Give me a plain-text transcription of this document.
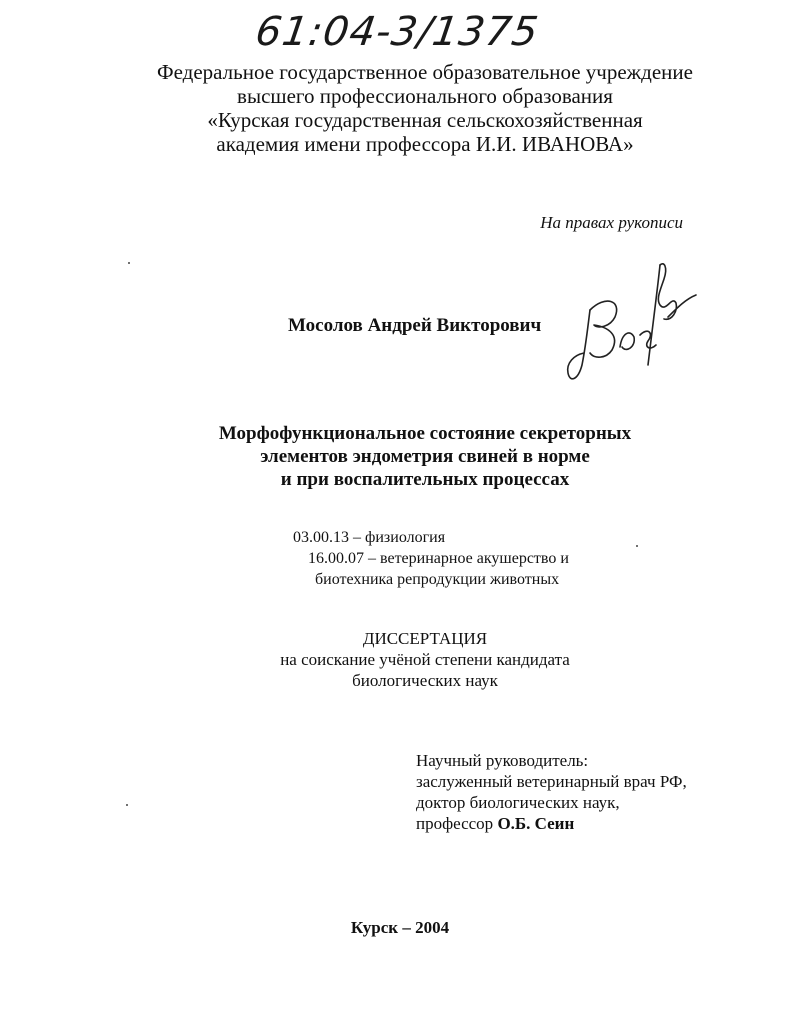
61:04-3/1375
Федеральное государственное образовательное учреждение
высшего профессионального образования
«Курская государственная сельскохозяйственная
академия имени профессора И.И. ИВАНОВА»
На правах рукописи
Мосолов Андрей Викторович
Морфофункциональное состояние секреторных
элементов эндометрия свиней в норме
и при воспалительных процессах

03.00.13 – физиология

16.00.07 – ветеринарное акушерство и

биотехника репродукции животных

ДИССЕРТАЦИЯ
на соискание учёной степени кандидата
биологических наук
Научный руководитель:
заслуженный ветеринарный врач РФ,
доктор биологических наук,
профессор О.Б. Сеин
Курск – 2004
